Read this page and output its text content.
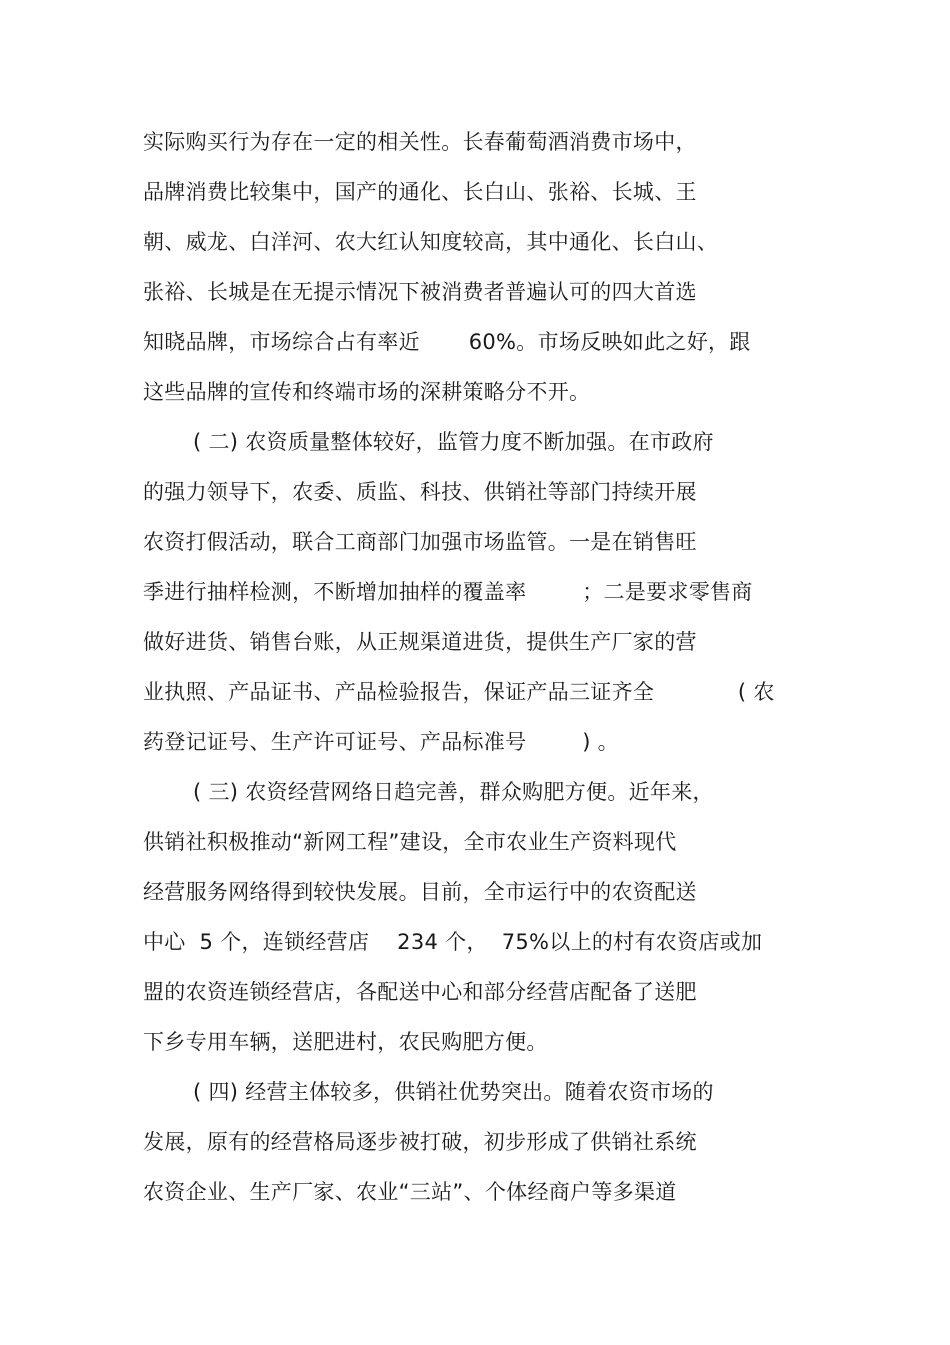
实际购买行为存在一定的相关性。长春葡萄酒消费市场中，
品牌消费比较集中，国产的通化、长白山、张裕、长城、王
朝、威龙、白洋河、农大红认知度较高，其中通化、长白山、
张裕、长城是在无提示情况下被消费者普遍认可的四大首选
知晓品牌，市场综合占有率近       60%。市场反映如此之好，跟
这些品牌的宣传和终端市场的深耕策略分不开。
( 二) 农资质量整体较好，监管力度不断加强。在市政府
的强力领导下，农委、质监、科技、供销社等部门持续开展
农资打假活动，联合工商部门加强市场监管。一是在销售旺
季进行抽样检测，不断增加抽样的覆盖率        ；二是要求零售商
做好进货、销售台账，从正规渠道进货，提供生产厂家的营
业执照、产品证书、产品检验报告，保证产品三证齐全            ( 农
药登记证号、生产许可证号、产品标准号        ) 。
( 三) 农资经营网络日趋完善，群众购肥方便。近年来，
供销社积极推动“新网工程”建设，全市农业生产资料现代
经营服务网络得到较快发展。目前，全市运行中的农资配送
中心  5 个，连锁经营店    234 个，  75%以上的村有农资店或加
盟的农资连锁经营店，各配送中心和部分经营店配备了送肥
下乡专用车辆，送肥进村，农民购肥方便。
( 四) 经营主体较多，供销社优势突出。随着农资市场的
发展，原有的经营格局逐步被打破，初步形成了供销社系统
农资企业、生产厂家、农业“三站”、个体经商户等多渠道
